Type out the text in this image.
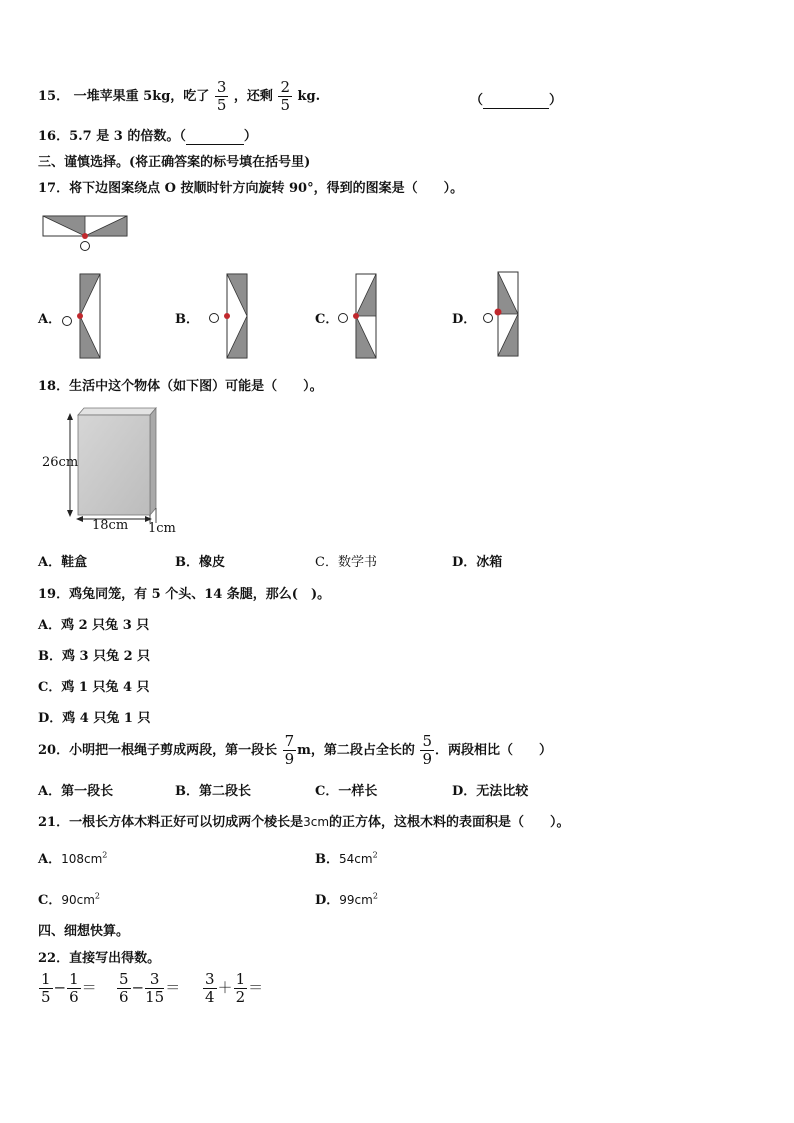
15． 一堆苹果重 5kg，吃了 $\frac{3}{5}$ ，还剩 $\frac{2}{5}$ kg.	（	）
16．5.7 是 3 的倍数。（	）
三、谨慎选择。(将正确答案的标号填在括号里)
17．将下边图案绕点 O 按顺时针方向旋转 90°，得到的图案是（　　）。
A．	B．	C．	D．
18．生活中这个物体（如下图）可能是（　　）。
26cm
18cm 1cm
A．鞋盒	B．橡皮	C．数学书	D．冰箱
19．鸡兔同笼，有 5 个头、14 条腿，那么(　)。
A．鸡 2 只兔 3 只
B．鸡 3 只兔 2 只
C．鸡 1 只兔 4 只
D．鸡 4 只兔 1 只
20．小明把一根绳子剪成两段，第一段长 $\frac{7}{9}$ m，第二段占全长的 $\frac{5}{9}$ ．两段相比（　　）
A．第一段长	B．第二段长	C．一样长	D．无法比较
21．一根长方体木料正好可以切成两个棱长是3cm的正方体，这根木料的表面积是（　　）。
A．$108cm^2$	B．$54cm^2$
C．$90cm^2$	D．$99cm^2$
四、细想快算。
22．直接写出得数。
$\frac{1}{5} - \frac{1}{6} = \frac{5}{6} - \frac{3}{15} = \frac{3}{4} + \frac{1}{2}$ ＝
